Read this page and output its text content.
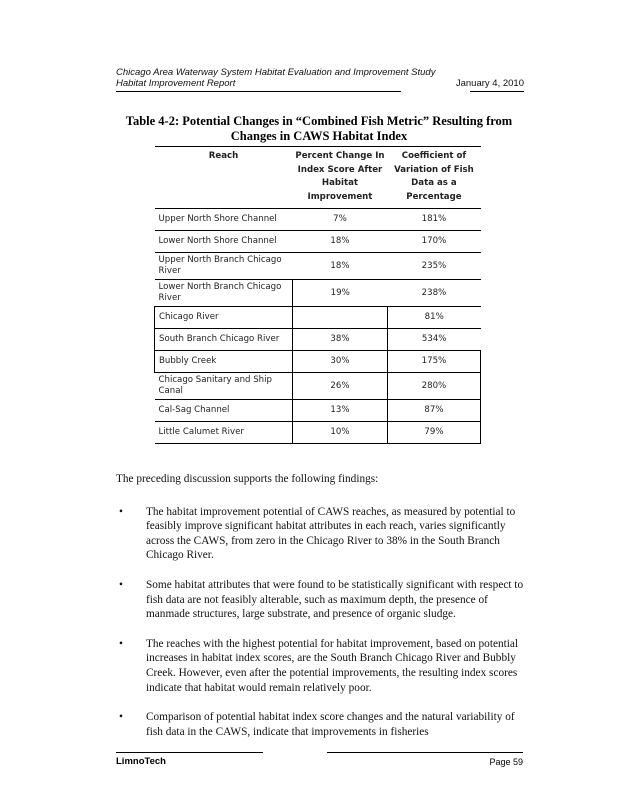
Chicago Area Waterway System Habitat Evaluation and Improvement Study
Habitat Improvement Report	January 4, 2010
Table 4-2: Potential Changes in “Combined Fish Metric” Resulting from
Changes in CAWS Habitat Index
Reach	Percent Change In Index Score After Habitat Improvement	Coefficient of Variation of Fish Data as a Percentage
Upper North Shore Channel	7%	181%
Lower North Shore Channel	18%	170%
Upper North Branch Chicago River	18%	235%
Lower North Branch Chicago River	19%	238%
Chicago River		81%
South Branch Chicago River	38%	534%
Bubbly Creek	30%	175%
Chicago Sanitary and Ship Canal	26%	280%
Cal-Sag Channel	13%	87%
Little Calumet River	10%	79%

The preceding discussion supports the following findings:

• The habitat improvement potential of CAWS reaches, as measured by potential to feasibly improve significant habitat attributes in each reach, varies significantly across the CAWS, from zero in the Chicago River to 38% in the South Branch Chicago River.
• Some habitat attributes that were found to be statistically significant with respect to fish data are not feasibly alterable, such as maximum depth, the presence of manmade structures, large substrate, and presence of organic sludge.
• The reaches with the highest potential for habitat improvement, based on potential increases in habitat index scores, are the South Branch Chicago River and Bubbly Creek. However, even after the potential improvements, the resulting index scores indicate that habitat would remain relatively poor.
• Comparison of potential habitat index score changes and the natural variability of fish data in the CAWS, indicate that improvements in fisheries
LimnoTech	Page 59
